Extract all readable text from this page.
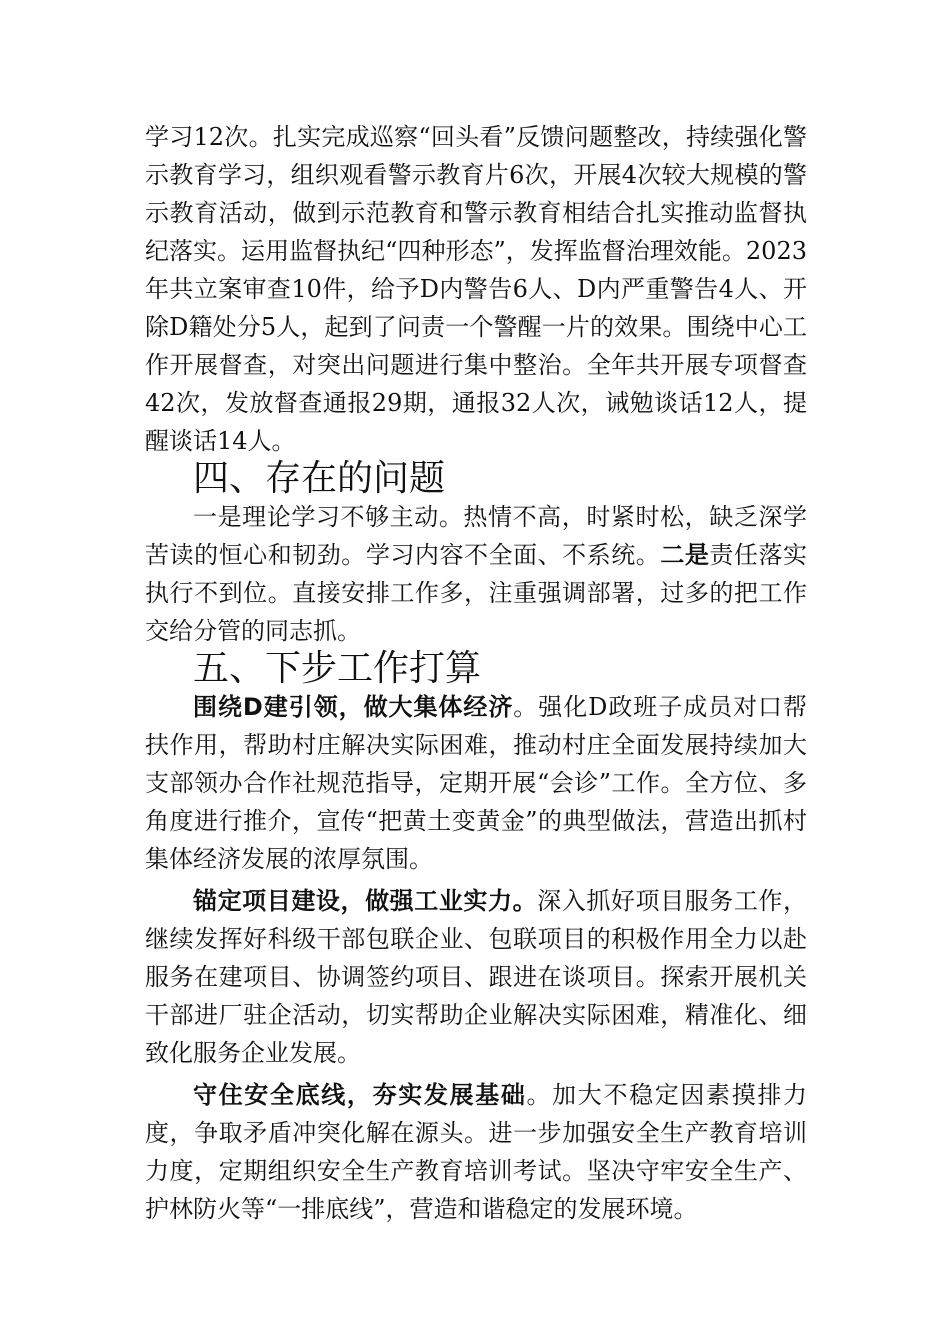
学习12次。扎实完成巡察“回头看”反馈问题整改，持续强化警示教育学习，组织观看警示教育片6次，开展4次较大规模的警示教育活动，做到示范教育和警示教育相结合扎实推动监督执纪落实。运用监督执纪“四种形态”，发挥监督治理效能。2023年共立案审查10件，给予D内警告6人、D内严重警告4人、开除D籍处分5人，起到了问责一个警醒一片的效果。围绕中心工作开展督查，对突出问题进行集中整治。全年共开展专项督查42次，发放督查通报29期，通报32人次，诫勉谈话12人，提醒谈话14人。

四、存在的问题

一是理论学习不够主动。热情不高，时紧时松，缺乏深学苦读的恒心和韧劲。学习内容不全面、不系统。二是责任落实执行不到位。直接安排工作多，注重强调部署，过多的把工作交给分管的同志抓。

五、下步工作打算

围绕D建引领，做大集体经济。强化D政班子成员对口帮扶作用，帮助村庄解决实际困难，推动村庄全面发展持续加大支部领办合作社规范指导，定期开展“会诊”工作。全方位、多角度进行推介，宣传“把黄土变黄金”的典型做法，营造出抓村集体经济发展的浓厚氛围。

锚定项目建设，做强工业实力。深入抓好项目服务工作，继续发挥好科级干部包联企业、包联项目的积极作用全力以赴服务在建项目、协调签约项目、跟进在谈项目。探索开展机关干部进厂驻企活动，切实帮助企业解决实际困难，精准化、细致化服务企业发展。

守住安全底线，夯实发展基础。加大不稳定因素摸排力度，争取矛盾冲突化解在源头。进一步加强安全生产教育培训力度，定期组织安全生产教育培训考试。坚决守牢安全生产、护林防火等“一排底线”，营造和谐稳定的发展环境。
